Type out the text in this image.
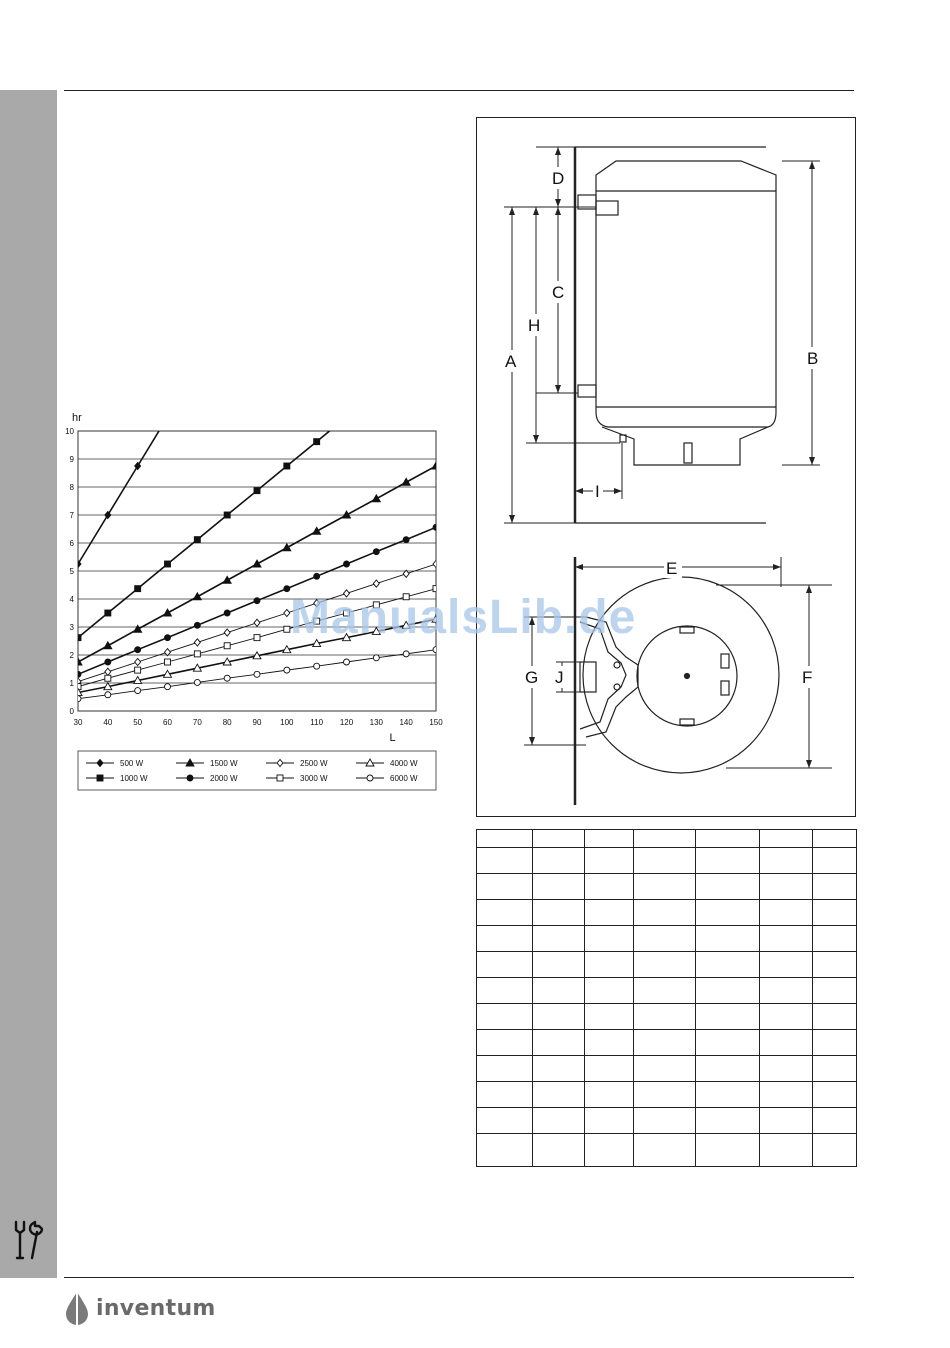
inventum
0
1
2
3
4
5
6
7
8
9
10
30	40	50	60	70	80	90 100 110 120 130 140 150
hr
L
500 W	1500 W	2500 W	4000 W
1000 W	2000 W	3000 W	6000 W
D
C
H
A	B
I
E
F
G J

ManualsLib.de
